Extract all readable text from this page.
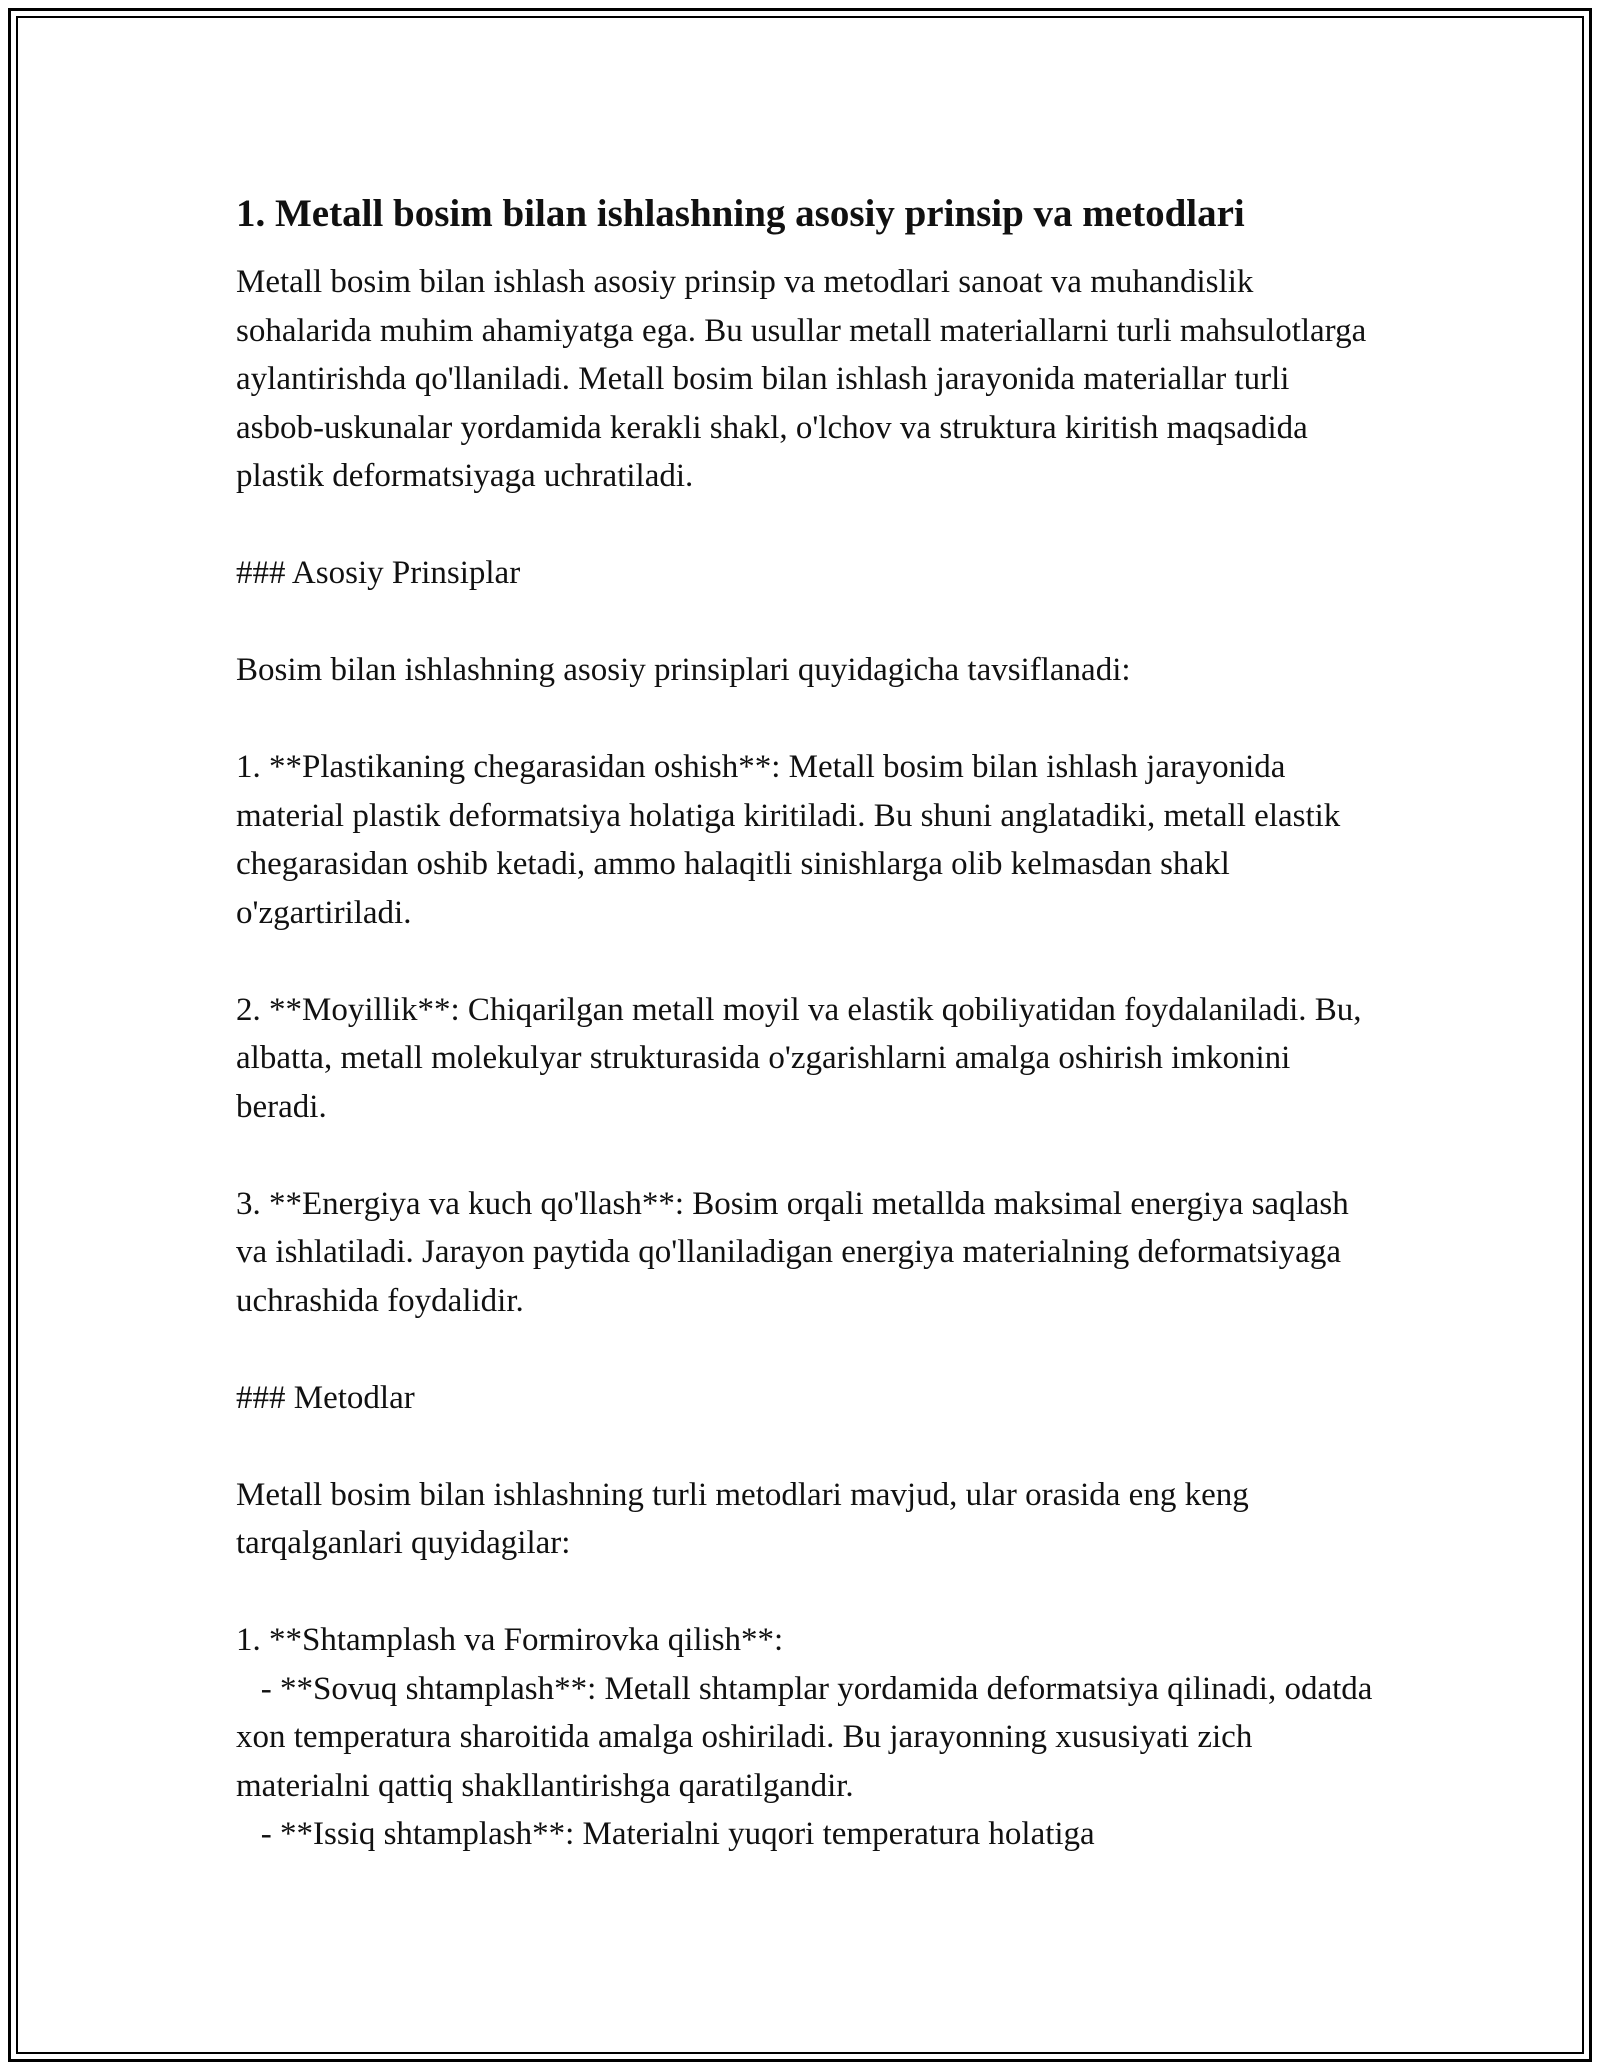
1. Metall bosim bilan ishlashning asosiy prinsip va metodlari

Metall bosim bilan ishlash asosiy prinsip va metodlari sanoat va muhandislik sohalarida muhim ahamiyatga ega. Bu usullar metall materiallarni turli mahsulotlarga aylantirishda qo'llaniladi. Metall bosim bilan ishlash jarayonida materiallar turli asbob-uskunalar yordamida kerakli shakl, o'lchov va struktura kiritish maqsadida plastik deformatsiyaga uchratiladi.

### Asosiy Prinsiplar

Bosim bilan ishlashning asosiy prinsiplari quyidagicha tavsiflanadi:

1. **Plastikaning chegarasidan oshish**: Metall bosim bilan ishlash jarayonida material plastik deformatsiya holatiga kiritiladi. Bu shuni anglatadiki, metall elastik chegarasidan oshib ketadi, ammo halaqitli sinishlarga olib kelmasdan shakl o'zgartiriladi.

2. **Moyillik**: Chiqarilgan metall moyil va elastik qobiliyatidan foydalaniladi. Bu, albatta, metall molekulyar strukturasida o'zgarishlarni amalga oshirish imkonini beradi.

3. **Energiya va kuch qo'llash**: Bosim orqali metallda maksimal energiya saqlash va ishlatiladi. Jarayon paytida qo'llaniladigan energiya materialning deformatsiyaga uchrashida foydalidir.

### Metodlar

Metall bosim bilan ishlashning turli metodlari mavjud, ular orasida eng keng tarqalganlari quyidagilar:

1. **Shtamplash va Formirovka qilish**:
- **Sovuq shtamplash**: Metall shtamplar yordamida deformatsiya qilinadi, odatda xon temperatura sharoitida amalga oshiriladi. Bu jarayonning xususiyati zich materialni qattiq shakllantirishga qaratilgandir.
- **Issiq shtamplash**: Materialni yuqori temperatura holatiga
